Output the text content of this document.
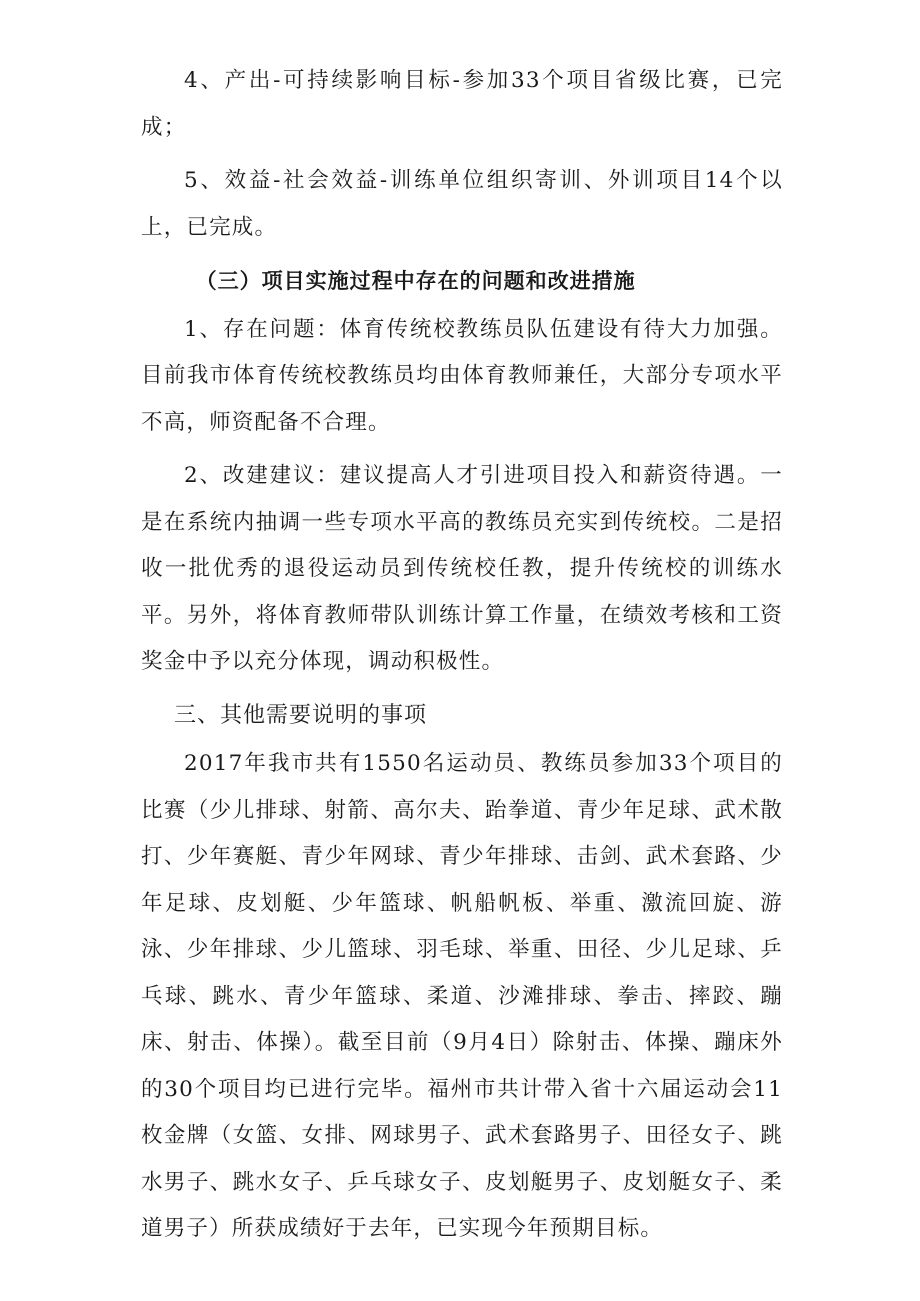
4、产出-可持续影响目标-参加33个项目省级比赛，已完成；

5、效益-社会效益-训练单位组织寄训、外训项目14个以上，已完成。

（三）项目实施过程中存在的问题和改进措施

1、存在问题：体育传统校教练员队伍建设有待大力加强。目前我市体育传统校教练员均由体育教师兼任，大部分专项水平不高，师资配备不合理。

2、改建建议：建议提高人才引进项目投入和薪资待遇。一是在系统内抽调一些专项水平高的教练员充实到传统校。二是招收一批优秀的退役运动员到传统校任教，提升传统校的训练水平。另外，将体育教师带队训练计算工作量，在绩效考核和工资奖金中予以充分体现，调动积极性。

三、其他需要说明的事项

2017年我市共有1550名运动员、教练员参加33个项目的比赛（少儿排球、射箭、高尔夫、跆拳道、青少年足球、武术散打、少年赛艇、青少年网球、青少年排球、击剑、武术套路、少年足球、皮划艇、少年篮球、帆船帆板、举重、激流回旋、游泳、少年排球、少儿篮球、羽毛球、举重、田径、少儿足球、乒乓球、跳水、青少年篮球、柔道、沙滩排球、拳击、摔跤、蹦床、射击、体操）。截至目前（9月4日）除射击、体操、蹦床外的30个项目均已进行完毕。福州市共计带入省十六届运动会11枚金牌（女篮、女排、网球男子、武术套路男子、田径女子、跳水男子、跳水女子、乒乓球女子、皮划艇男子、皮划艇女子、柔道男子）所获成绩好于去年，已实现今年预期目标。
